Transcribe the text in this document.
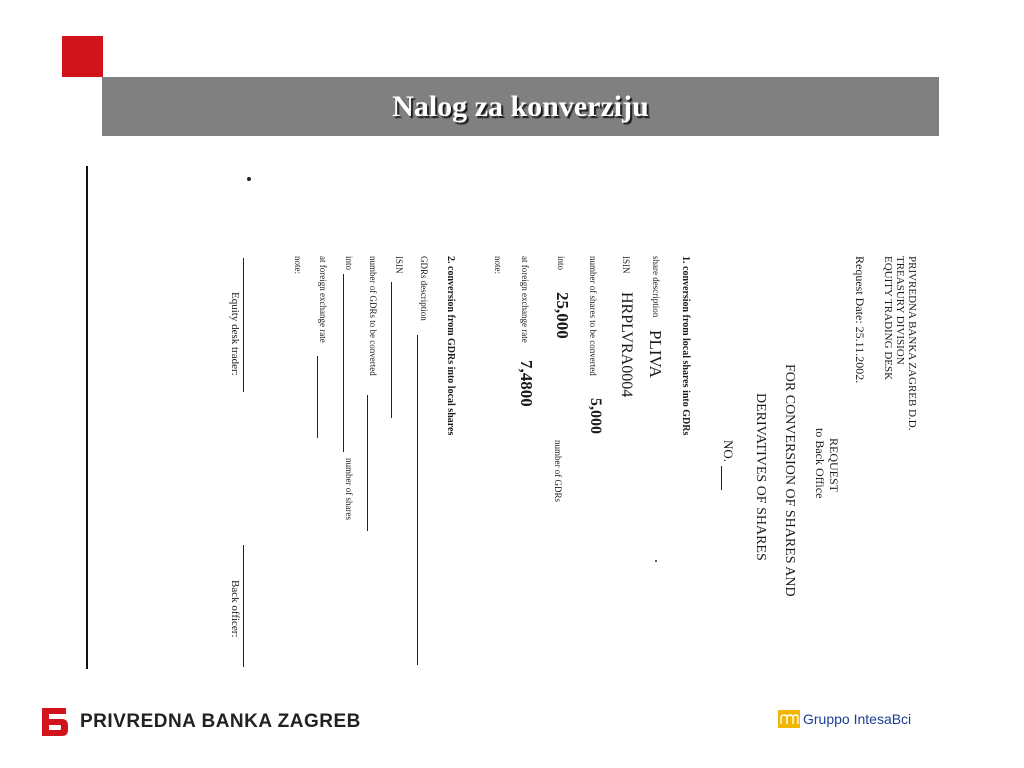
Nalog za konverziju
PRIVREDNA BANKA ZAGREB D.D.
TREASURY DIVISION
EQUITY TRADING DESK
Request Date: 25.11.2002.
REQUEST
to Back Office
FOR CONVERSION OF SHARES AND
DERIVATIVES OF SHARES
NO.
1. conversion from local shares into GDRs
share description
PLIVA
ISIN
HRPLVRA0004
number of shares to be converted
5,000
into
25,000
number of GDRs
at foreign exchange rate
7,4800
note:
2. conversion from GDRs into local shares
GDRs description
ISIN
number of GDRs to be converted
into
number of shares
at foreign exchange rate
note:
Equity desk trader:
Back officer:
PRIVREDNA BANKA ZAGREB	Gruppo IntesaBci
